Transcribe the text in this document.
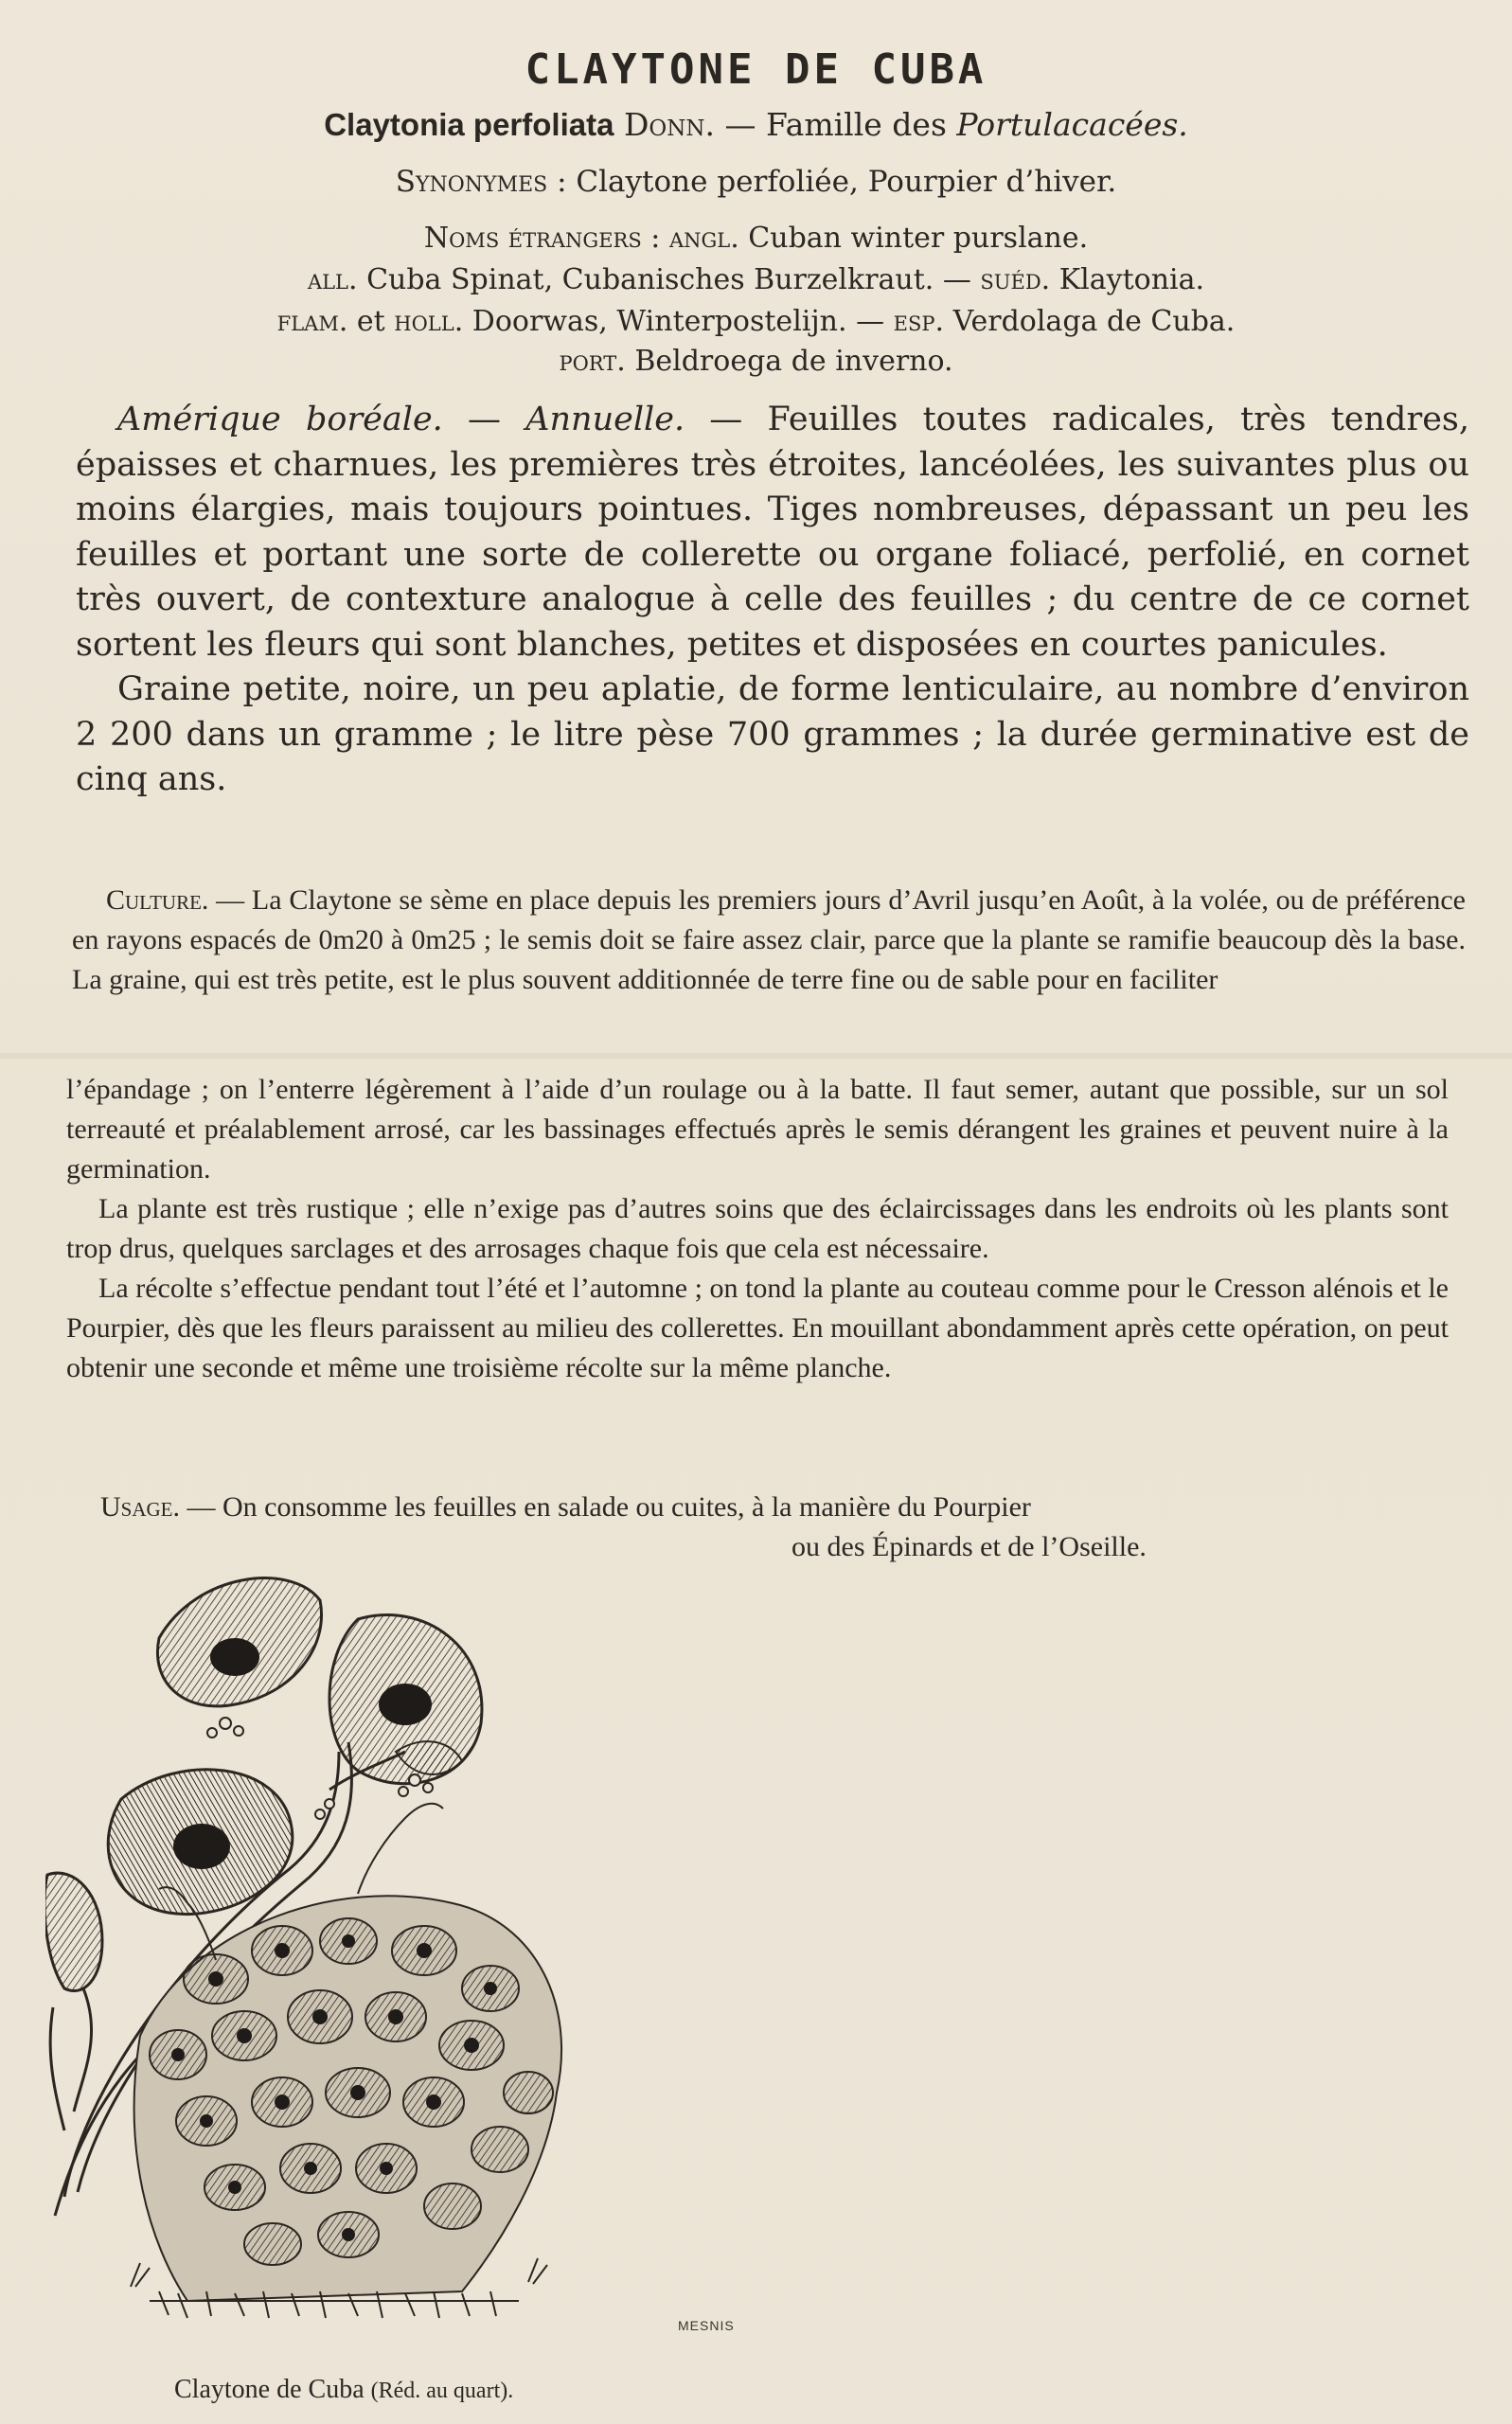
CLAYTONE DE CUBA
Claytonia perfoliata Donn. — Famille des Portulacacées.
Synonymes : Claytone perfoliée, Pourpier d’hiver.
Noms étrangers : angl. Cuban winter purslane.
all. Cuba Spinat, Cubanisches Burzelkraut. — suéd. Klaytonia.
flam. et holl. Doorwas, Winterpostelijn. — esp. Verdolaga de Cuba.
port. Beldroega de inverno.

Amérique boréale. — Annuelle. — Feuilles toutes radicales, très tendres, épaisses et charnues, les premières très étroites, lancéolées, les suivantes plus ou moins élargies, mais toujours pointues. Tiges nombreuses, dépassant un peu les feuilles et portant une sorte de collerette ou organe foliacé, perfolié, en cornet très ouvert, de contexture analogue à celle des feuilles ; du centre de ce cornet sortent les fleurs qui sont blanches, petites et disposées en courtes panicules.

Graine petite, noire, un peu aplatie, de forme lenticulaire, au nombre d’environ 2 200 dans un gramme ; le litre pèse 700 grammes ; la durée germinative est de cinq ans.

Culture. — La Claytone se sème en place depuis les premiers jours d’Avril jusqu’en Août, à la volée, ou de préférence en rayons espacés de 0m20 à 0m25 ; le semis doit se faire assez clair, parce que la plante se ramifie beaucoup dès la base. La graine, qui est très petite, est le plus souvent additionnée de terre fine ou de sable pour en faciliter

l’épandage ; on l’enterre légèrement à l’aide d’un roulage ou à la batte. Il faut semer, autant que possible, sur un sol terreauté et préalablement arrosé, car les bassinages effectués après le semis dérangent les graines et peuvent nuire à la germination.

La plante est très rustique ; elle n’exige pas d’autres soins que des éclaircissages dans les endroits où les plants sont trop drus, quelques sarclages et des arrosages chaque fois que cela est nécessaire.

La récolte s’effectue pendant tout l’été et l’automne ; on tond la plante au couteau comme pour le Cresson alénois et le Pourpier, dès que les fleurs paraissent au milieu des collerettes. En mouillant abondamment après cette opération, on peut obtenir une seconde et même une troisième récolte sur la même planche.

Usage. — On consomme les feuilles en salade ou cuites, à la manière du Pourpier
ou des Épinards et de l’Oseille.
MESNIS
Claytone de Cuba (Réd. au quart).
